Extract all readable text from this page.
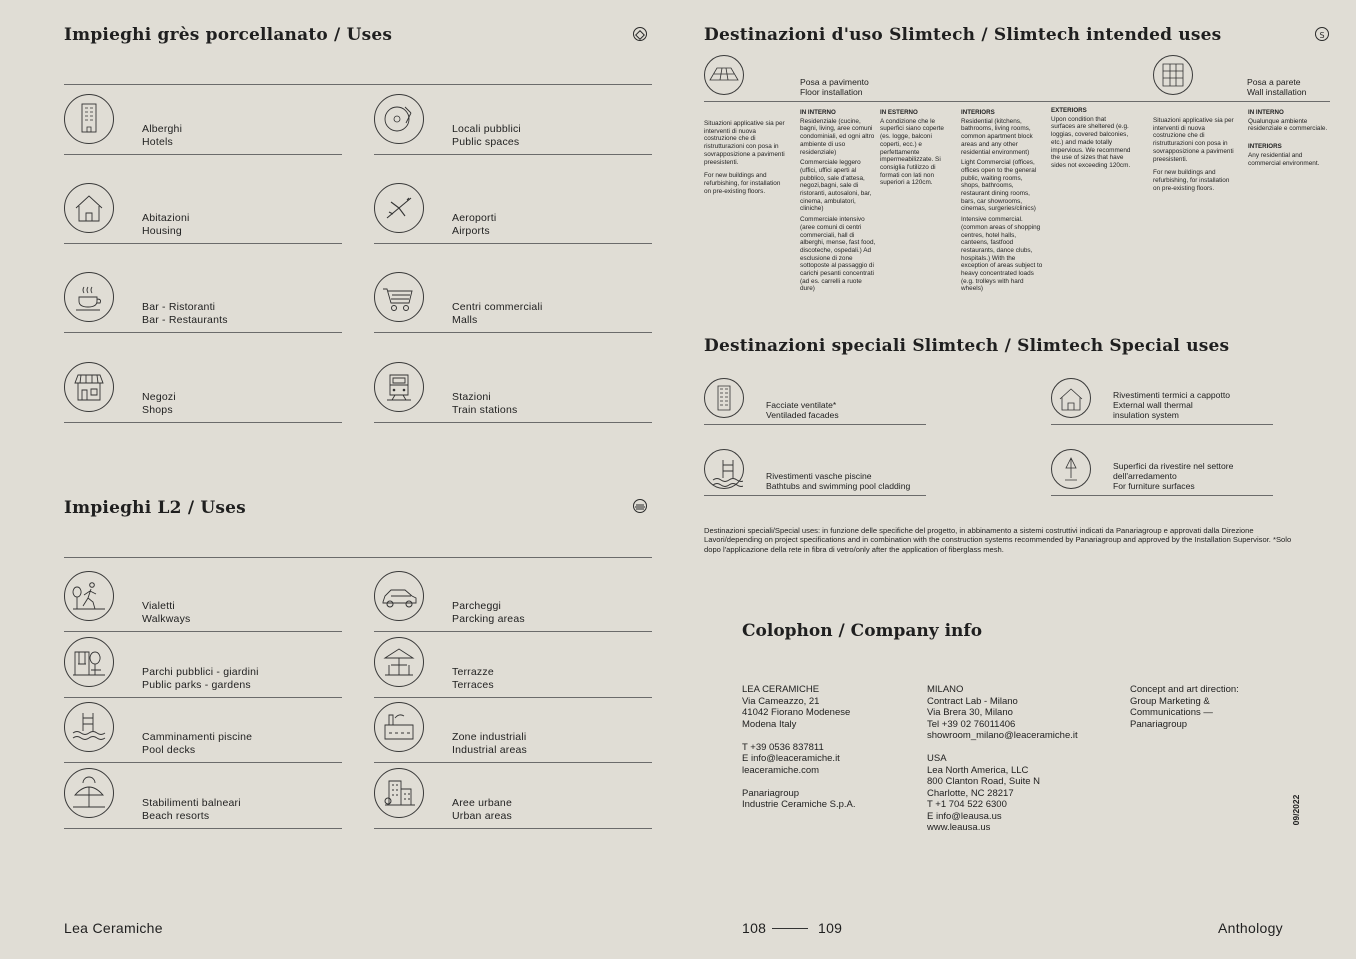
Impieghi grès porcellanato / Uses
Alberghi
Hotels
Locali pubblici
Public spaces
Abitazioni
Housing
Aeroporti
Airports
Bar - Ristoranti
Bar - Restaurants
Centri commerciali
Malls
Negozi
Shops
Stazioni
Train stations
Impieghi L2 / Uses
Vialetti
Walkways
Parcheggi
Parcking areas
Parchi pubblici - giardini
Public parks - gardens
Terrazze
Terraces
Camminamenti piscine
Pool decks
Zone industriali
Industrial areas
Stabilimenti balneari
Beach resorts
Aree urbane
Urban areas
Lea Ceramiche
Destinazioni d'uso Slimtech / Slimtech intended uses	S
Posa a pavimento
Floor installation
Posa a parete
Wall installation
Situazioni applicative sia per interventi di nuova costruzione che di ristrutturazioni con posa in sovrapposizione a pavimenti preesistenti.
For new buildings and refurbishing, for installation on pre-existing floors.
IN INTERNO
Residenziale (cucine, bagni, living, aree comuni condominiali, ed ogni altro ambiente di uso residenziale)
Commerciale leggero (uffici, uffici aperti al pubblico, sale d'attesa, negozi,bagni, sale di ristoranti, autosaloni, bar, cinema, ambulatori, cliniche)
Commerciale intensivo (aree comuni di centri commerciali, hall di alberghi, mense, fast food, discoteche, ospedali.) Ad esclusione di zone sottoposte al passaggio di carichi pesanti concentrati (ad es. carrelli a ruote dure)
IN ESTERNO
A condizione che le superfici siano coperte (es. logge, balconi coperti, ecc.) e perfettamente impermeabilizzate. Si consiglia l'utilizzo di formati con lati non superiori a 120cm.
INTERIORS
Residential (kitchens, bathrooms, living rooms, common apartment block areas and any other residential environment)
Light Commercial (offices, offices open to the general public, waiting rooms, shops, bathrooms, restaurant dining rooms, bars, car showrooms, cinemas, surgeries/clinics)
Intensive commercial. (common areas of shopping centres, hotel halls, canteens, fastfood restaurants, dance clubs, hospitals.) With the exception of areas subject to heavy concentrated loads (e.g. trolleys with hard wheels)
EXTERIORS
Upon condition that surfaces are sheltered (e.g. loggias, covered balconies, etc.) and made totally impervious. We recommend the use of sizes that have sides not exceeding 120cm.
Situazioni applicative sia per interventi di nuova costruzione che di ristrutturazioni con posa in sovrapposizione a pavimenti preesistenti.
For new buildings and refurbishing, for installation on pre-existing floors.
IN INTERNO
Qualunque ambiente residenziale e commerciale.
INTERIORS
Any residential and commercial environment.
Destinazioni speciali Slimtech / Slimtech Special uses
Facciate ventilate*
Ventiladed facades
Rivestimenti termici a cappotto
External wall thermal
insulation system
Rivestimenti vasche piscine
Bathtubs and swimming pool cladding
Superfici da rivestire nel settore
dell'arredamento
For furniture surfaces
Destinazioni speciali/Special uses: in funzione delle specifiche del progetto, in abbinamento a sistemi costruttivi indicati da Panariagroup e approvati dalla Direzione Lavori/depending on project specifications and in combination with the construction systems recommended by Panariagroup and approved by the Installation Supervisor. *Solo dopo l'applicazione della rete in fibra di vetro/only after the application of fiberglass mesh.
Colophon / Company info
LEA CERAMICHE
Via Cameazzo, 21
41042 Fiorano Modenese
Modena Italy
T +39 0536 837811
E info@leaceramiche.it
leaceramiche.com
Panariagroup
Industrie Ceramiche S.p.A.
MILANO
Contract Lab - Milano
Via Brera 30, Milano
Tel +39 02 76011406
showroom_milano@leaceramiche.it
USA
Lea North America, LLC
800 Clanton Road, Suite N
Charlotte, NC 28217
T +1 704 522 6300
E info@leausa.us
www.leausa.us
Concept and art direction:
Group Marketing &
Communications —
Panariagroup
09/2022
108	109	Anthology
